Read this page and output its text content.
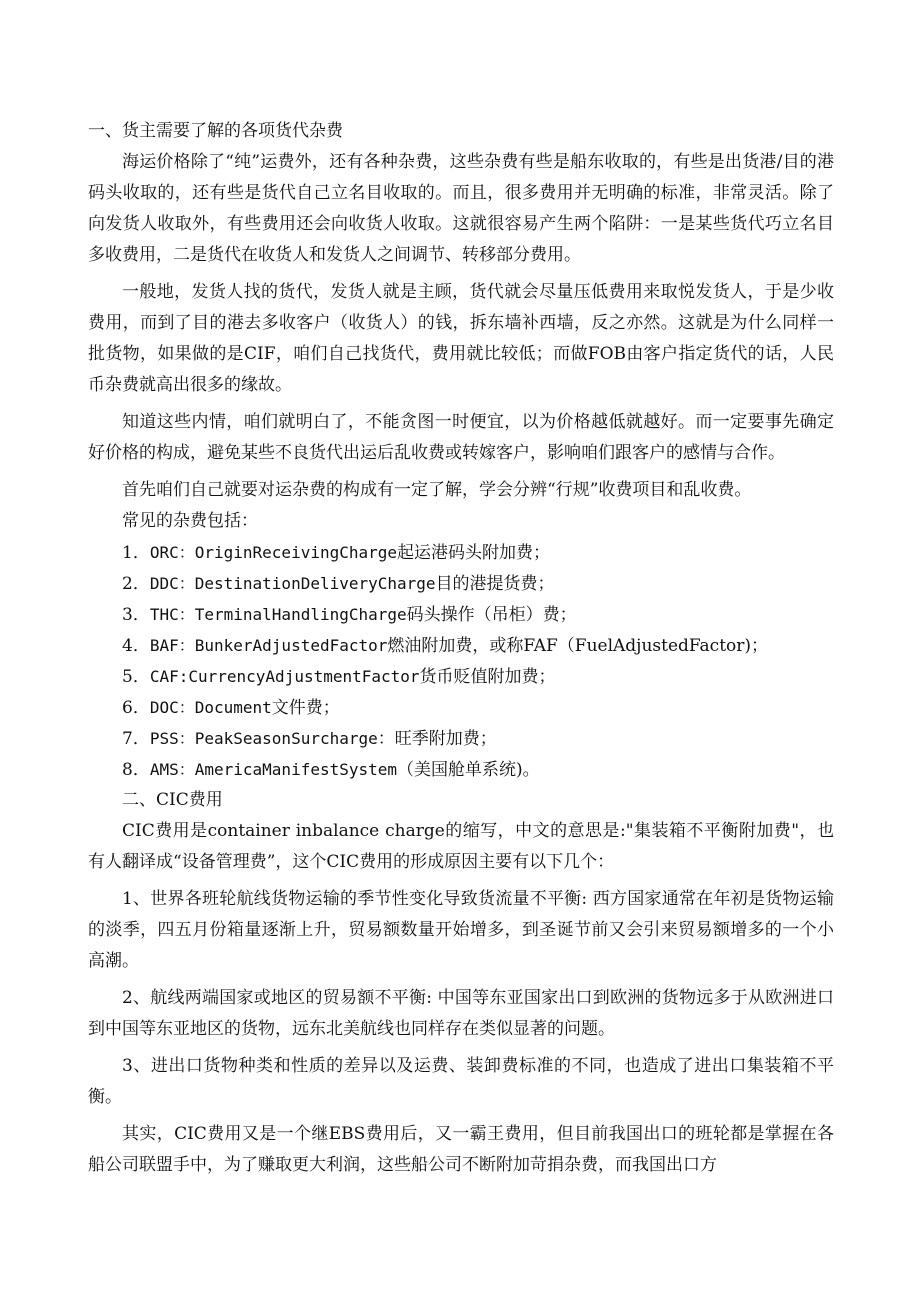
一、货主需要了解的各项货代杂费

海运价格除了“纯”运费外，还有各种杂费，这些杂费有些是船东收取的，有些是出货港/目的港码头收取的，还有些是货代自己立名目收取的。而且，很多费用并无明确的标准，非常灵活。除了向发货人收取外，有些费用还会向收货人收取。这就很容易产生两个陷阱：一是某些货代巧立名目多收费用，二是货代在收货人和发货人之间调节、转移部分费用。

一般地，发货人找的货代，发货人就是主顾，货代就会尽量压低费用来取悦发货人，于是少收费用，而到了目的港去多收客户（收货人）的钱，拆东墙补西墙，反之亦然。这就是为什么同样一批货物，如果做的是CIF，咱们自己找货代，费用就比较低；而做FOB由客户指定货代的话，人民币杂费就高出很多的缘故。

知道这些内情，咱们就明白了，不能贪图一时便宜，以为价格越低就越好。而一定要事先确定好价格的构成，避免某些不良货代出运后乱收费或转嫁客户，影响咱们跟客户的感情与合作。

首先咱们自己就要对运杂费的构成有一定了解，学会分辨“行规”收费项目和乱收费。

常见的杂费包括：

1．ORC：OriginReceivingCharge起运港码头附加费；

2．DDC：DestinationDeliveryCharge目的港提货费；

3．THC：TerminalHandlingCharge码头操作（吊柜）费；

4．BAF：BunkerAdjustedFactor燃油附加费，或称FAF（FuelAdjustedFactor)；

5．CAF:CurrencyAdjustmentFactor货币贬值附加费；

6．DOC：Document文件费；

7．PSS：PeakSeasonSurcharge：旺季附加费；

8．AMS：AmericaManifestSystem（美国舱单系统)。

二、CIC费用

CIC费用是container inbalance charge的缩写，中文的意思是:"集装箱不平衡附加费"，也有人翻译成“设备管理费”，这个CIC费用的形成原因主要有以下几个：

1、世界各班轮航线货物运输的季节性变化导致货流量不平衡: 西方国家通常在年初是货物运输的淡季，四五月份箱量逐渐上升，贸易额数量开始增多，到圣诞节前又会引来贸易额增多的一个小高潮。

2、航线两端国家或地区的贸易额不平衡: 中国等东亚国家出口到欧洲的货物远多于从欧洲进口到中国等东亚地区的货物，远东北美航线也同样存在类似显著的问题。

3、进出口货物种类和性质的差异以及运费、装卸费标准的不同，也造成了进出口集装箱不平衡。

其实，CIC费用又是一个继EBS费用后，又一霸王费用，但目前我国出口的班轮都是掌握在各船公司联盟手中，为了赚取更大利润，这些船公司不断附加苛捐杂费，而我国出口方
